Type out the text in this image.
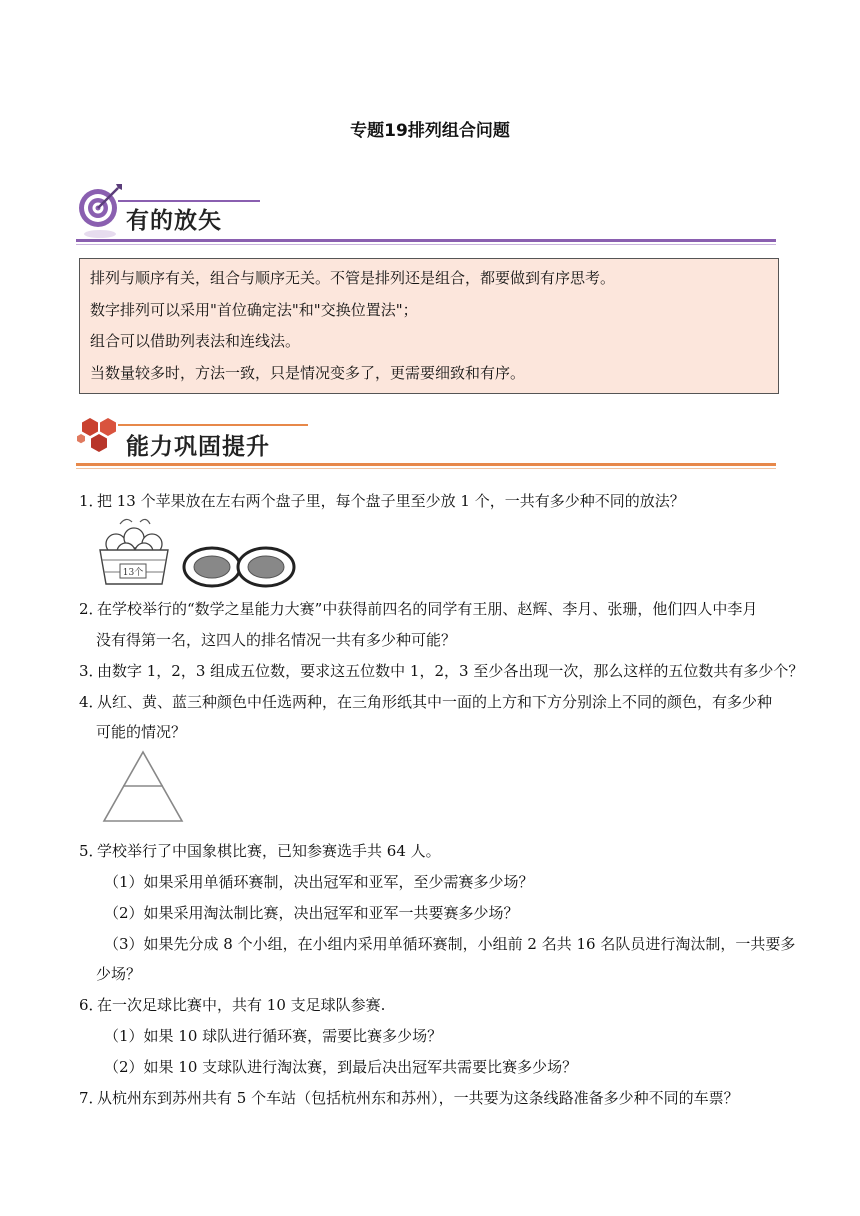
专题19排列组合问题
有的放矢

排列与顺序有关，组合与顺序无关。不管是排列还是组合，都要做到有序思考。

数字排列可以采用"首位确定法"和"交换位置法"；

组合可以借助列表法和连线法。

当数量较多时，方法一致，只是情况变多了，更需要细致和有序。

能力巩固提升
1．把 13 个苹果放在左右两个盘子里，每个盘子里至少放 1 个，一共有多少种不同的放法？
13个
2．在学校举行的“数学之星能力大赛”中获得前四名的同学有王朋、赵辉、李月、张珊，他们四人中李月
没有得第一名，这四人的排名情况一共有多少种可能？
3．由数字 1，2，3 组成五位数，要求这五位数中 1，2，3 至少各出现一次，那么这样的五位数共有多少个？
4．从红、黄、蓝三种颜色中任选两种，在三角形纸其中一面的上方和下方分别涂上不同的颜色，有多少种
可能的情况？
5．学校举行了中国象棋比赛，已知参赛选手共 64 人。
（1）如果采用单循环赛制，决出冠军和亚军，至少需赛多少场？
（2）如果采用淘汰制比赛，决出冠军和亚军一共要赛多少场？
（3）如果先分成 8 个小组，在小组内采用单循环赛制，小组前 2 名共 16 名队员进行淘汰制，一共要多
少场？
6．在一次足球比赛中，共有 10 支足球队参赛.
（1）如果 10 球队进行循环赛，需要比赛多少场？
（2）如果 10 支球队进行淘汰赛，到最后决出冠军共需要比赛多少场？
7．从杭州东到苏州共有 5 个车站（包括杭州东和苏州），一共要为这条线路准备多少种不同的车票？
